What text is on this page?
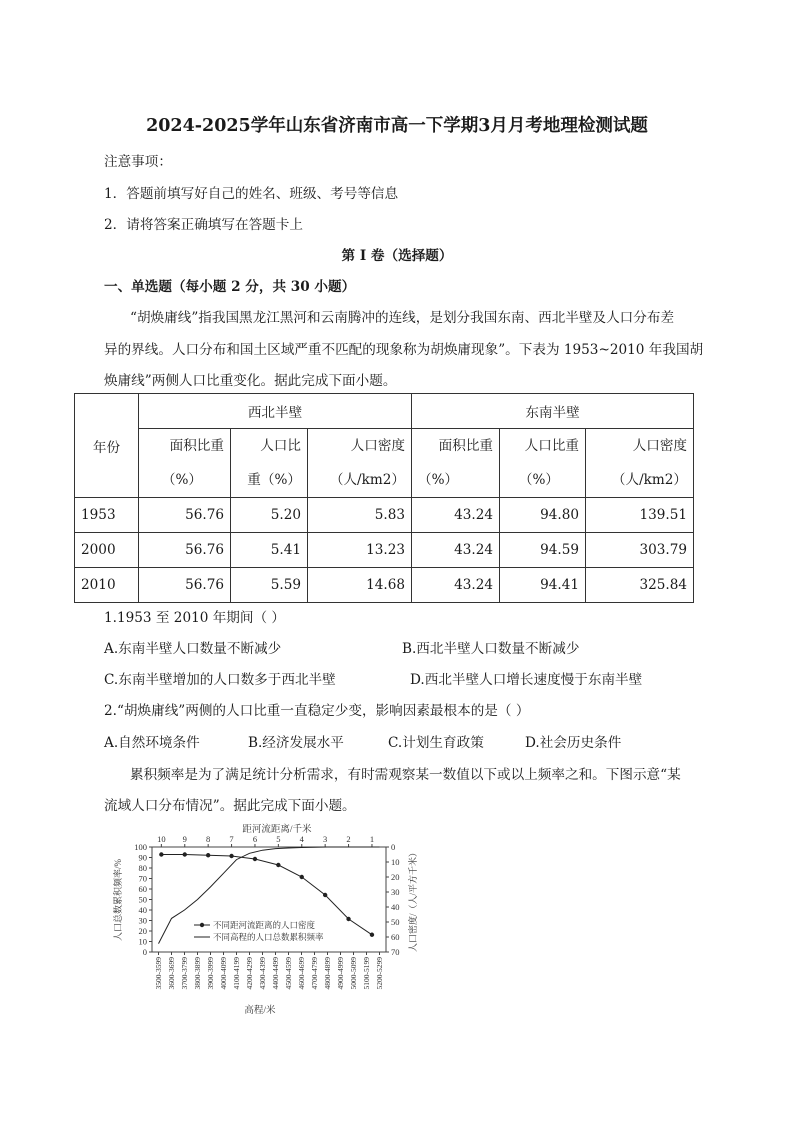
2024-2025学年山东省济南市高一下学期3月月考地理检测试题
注意事项：
1．答题前填写好自己的姓名、班级、考号等信息
2．请将答案正确填写在答题卡上
第 I 卷（选择题）
一、单选题（每小题 2 分，共 30 小题）
“胡焕庸线”指我国黑龙江黑河和云南腾冲的连线，是划分我国东南、西北半壁及人口分布差
异的界线。人口分布和国土区域严重不匹配的现象称为胡焕庸现象”。下表为 1953~2010 年我国胡
焕庸线”两侧人口比重变化。据此完成下面小题。
年份	西北半壁			东南半壁		
	面积比重
（%）	人口比
重（%）	人口密度
（人/km2）	面积比重
（%）	人口比重
（%）	人口密度
（人/km2）
1953	56.76	5.20	5.83	43.24	94.80	139.51
2000	56.76	5.41	13.23	43.24	94.59	303.79
2010	56.76	5.59	14.68	43.24	94.41	325.84
1.1953 至 2010 年期间（ ）
A.东南半壁人口数量不断减少	B.西北半壁人口数量不断减少
C.东南半壁增加的人口数多于西北半壁	D.西北半壁人口增长速度慢于东南半壁
2.“胡焕庸线”两侧的人口比重一直稳定少变，影响因素最根本的是（ ）
A.自然环境条件	B.经济发展水平	C.计划生育政策	D.社会历史条件
累积频率是为了满足统计分析需求，有时需观察某一数值以下或以上频率之和。下图示意“某
流域人口分布情况”。据此完成下面小题。
距河流距离/千米
10 9 8 7 6 5 4 3 2 1
0
10
20
30
40
50
60
70
80
90
100	0
10
20
30
40
50
60
70
3500-3599 3600-3699 3700-3799 3800-3899 3900-3999 4000-4099 4100-4199 4200-4299 4300-4399 4400-4499 4500-4599 4600-4699 4700-4799 4800-4899 4900-4999 5000-5099 5100-5199 5200-5299
人口总数累积频率/%	人口密度/（人/平方千米）
高程/米
不同距河流距离的人口密度
不同高程的人口总数累积频率
